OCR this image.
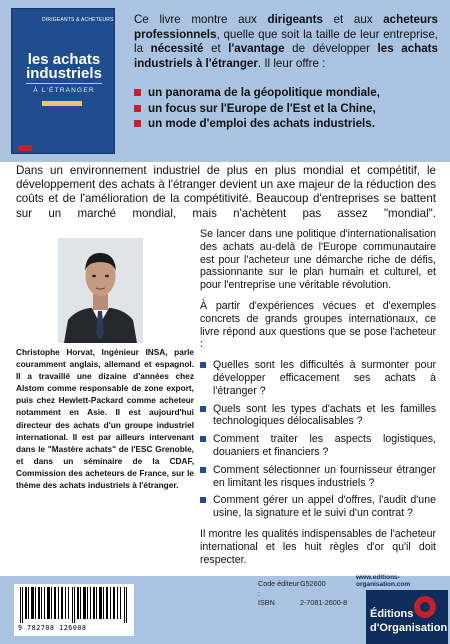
DIRIGEANTS & ACHETEURS
les achats industriels
À L'ÉTRANGER
Ce livre montre aux dirigeants et aux acheteurs professionnels, quelle que soit la taille de leur entreprise, la nécessité et l'avantage de développer les achats industriels à l'étranger. Il leur offre :
un panorama de la géopolitique mondiale,
un focus sur l'Europe de l'Est et la Chine,
un mode d'emploi des achats industriels.
Dans un environnement industriel de plus en plus mondial et compétitif, le développement des achats à l'étranger devient un axe majeur de la réduction des coûts et de l'amélioration de la compétitivité. Beaucoup d'entreprises se battent sur un marché mondial, mais n'achètent pas assez "mondial".
Christophe Horvat, Ingénieur INSA, parle couramment anglais, allemand et espagnol. Il a travaillé une dizaine d'années chez Alstom comme responsable de zone export, puis chez Hewlett-Packard comme acheteur notamment en Asie. Il est aujourd'hui directeur des achats d'un groupe industriel international. Il est par ailleurs intervenant dans le "Mastère achats" de l'ESC Grenoble, et dans un séminaire de la CDAF, Commission des acheteurs de France, sur le thème des achats industriels à l'étranger.

Se lancer dans une politique d'internationalisation des achats au-delà de l'Europe communautaire est pour l'acheteur une démarche riche de défis, passionnante sur le plan humain et culturel, et pour l'entreprise une véritable révolution.

À partir d'expériences vécues et d'exemples concrets de grands groupes internationaux, ce livre répond aux questions que se pose l'acheteur :

Quelles sont les difficultés à surmonter pour développer efficacement ses achats à l'étranger ?
Quels sont les types d'achats et les familles technologiques délocalisables ?
Comment traiter les aspects logistiques, douaniers et financiers ?
Comment sélectionner un fournisseur étranger en limitant les risques industriels ?
Comment gérer un appel d'offres, l'audit d'une usine, la signature et le suivi d'un contrat ?

Il montre les qualités indispensables de l'acheteur international et les huit règles d'or qu'il doit respecter.

Code éditeur :
G52600
ISBN	2-7081-2600-8
www.editions-organisation.com
9 782708 126008
Éditions
d'Organisation
